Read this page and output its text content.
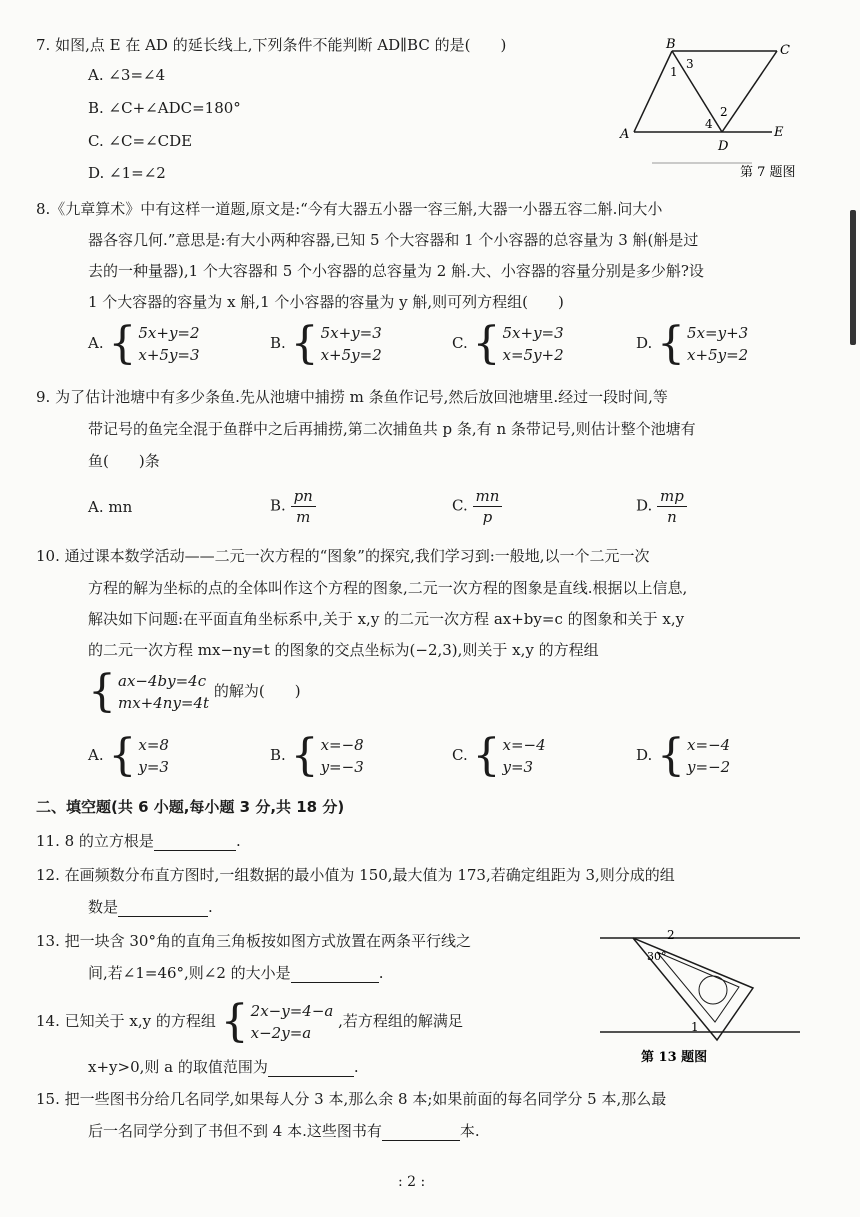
7. 如图,点 E 在 AD 的延长线上,下列条件不能判断 AD∥BC 的是(　　)
A. ∠3=∠4
B. ∠C+∠ADC=180°
C. ∠C=∠CDE
D. ∠1=∠2
B	C
A
D
E
1
3
2
4
第 7 题图
8.《九章算术》中有这样一道题,原文是:“今有大器五小器一容三斛,大器一小器五容二斛.问大小
器各容几何.”意思是:有大小两种容器,已知 5 个大容器和 1 个小容器的总容量为 3 斛(斛是过
去的一种量器),1 个大容器和 5 个小容器的总容量为 2 斛.大、小容器的容量分别是多少斛?设
1 个大容器的容量为 x 斛,1 个小容器的容量为 y 斛,则可列方程组(　　)
A. { 5x+y=2
x+5y=3
B. { 5x+y=3
x+5y=2
C. { 5x+y=3
x=5y+2
D. { 5x=y+3
x+5y=2
9. 为了估计池塘中有多少条鱼.先从池塘中捕捞 m 条鱼作记号,然后放回池塘里.经过一段时间,等
带记号的鱼完全混于鱼群中之后再捕捞,第二次捕鱼共 p 条,有 n 条带记号,则估计整个池塘有
鱼(　　)条
A. mn	B. $\frac{pn}{m}$	C. $\frac{mn}{p}$	D. $\frac{mp}{n}$
10. 通过课本数学活动——二元一次方程的“图象”的探究,我们学习到:一般地,以一个二元一次
方程的解为坐标的点的全体叫作这个方程的图象,二元一次方程的图象是直线.根据以上信息,
解决如下问题:在平面直角坐标系中,关于 x,y 的二元一次方程 ax+by=c 的图象和关于 x,y
的二元一次方程 mx−ny=t 的图象的交点坐标为(−2,3),则关于 x,y 的方程组
{ ax−4by=4c
mx+4ny=4t
的解为(　　)
A. { x=8
y=3
B. { x=−8
y=−3
C. { x=−4
y=3
D. { x=−4
y=−2
二、填空题(共 6 小题,每小题 3 分,共 18 分)
11. 8 的立方根是	.
12. 在画频数分布直方图时,一组数据的最小值为 150,最大值为 173,若确定组距为 3,则分成的组
数是	.
13. 把一块含 30°角的直角三角板按如图方式放置在两条平行线之
间,若∠1=46°,则∠2 的大小是	.
14. 已知关于 x,y 的方程组 { 2x−y=4−a
x−2y=a
,若方程组的解满足
x+y>0,则 a 的取值范围为	.
2
30°
1
第 13 题图
15. 把一些图书分给几名同学,如果每人分 3 本,那么余 8 本;如果前面的每名同学分 5 本,那么最
后一名同学分到了书但不到 4 本.这些图书有	本.
: 2 :
